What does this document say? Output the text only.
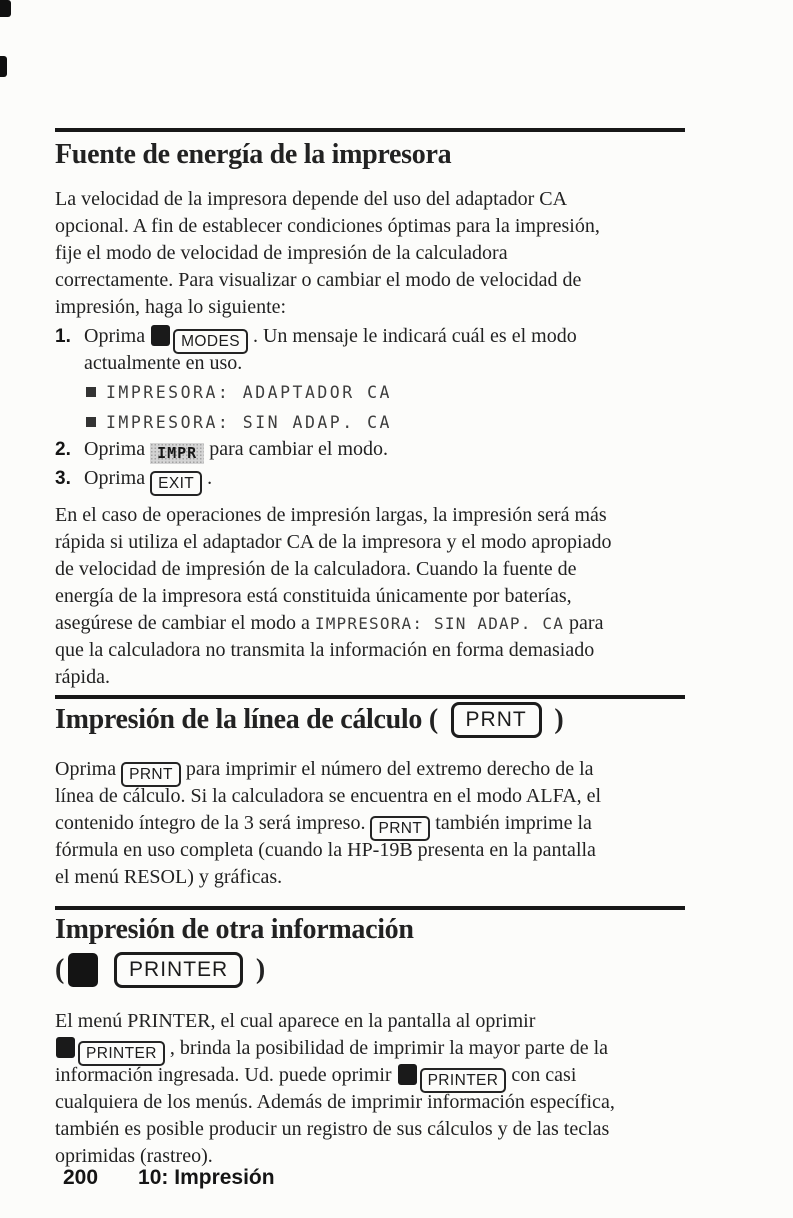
Fuente de energía de la impresora
La velocidad de la impresora depende del uso del adaptador CA
opcional. A fin de establecer condiciones óptimas para la impresión,
fije el modo de velocidad de impresión de la calculadora
correctamente. Para visualizar o cambiar el modo de velocidad de
impresión, haga lo siguiente:
1. Oprima MODES . Un mensaje le indicará cuál es el modo
actualmente en uso.
IMPRESORA: ADAPTADOR CA
IMPRESORA: SIN ADAP. CA
2. Oprima IMPR para cambiar el modo.
3. Oprima EXIT .
En el caso de operaciones de impresión largas, la impresión será más
rápida si utiliza el adaptador CA de la impresora y el modo apropiado
de velocidad de impresión de la calculadora. Cuando la fuente de
energía de la impresora está constituida únicamente por baterías,
asegúrese de cambiar el modo a IMPRESORA: SIN ADAP. CA para
que la calculadora no transmita la información en forma demasiado
rápida.
Impresión de la línea de cálculo (	PRNT )
Oprima PRNT para imprimir el número del extremo derecho de la
línea de cálculo. Si la calculadora se encuentra en el modo ALFA, el
contenido íntegro de la 3 será impreso. PRNT también imprime la
fórmula en uso completa (cuando la HP-19B presenta en la pantalla
el menú RESOL) y gráficas.
Impresión de otra información
(	PRINTER )
El menú PRINTER, el cual aparece en la pantalla al oprimir
PRINTER , brinda la posibilidad de imprimir la mayor parte de la
información ingresada. Ud. puede oprimir PRINTER con casi
cualquiera de los menús. Además de imprimir información específica,
también es posible producir un registro de sus cálculos y de las teclas
oprimidas (rastreo).
200 10: Impresión
